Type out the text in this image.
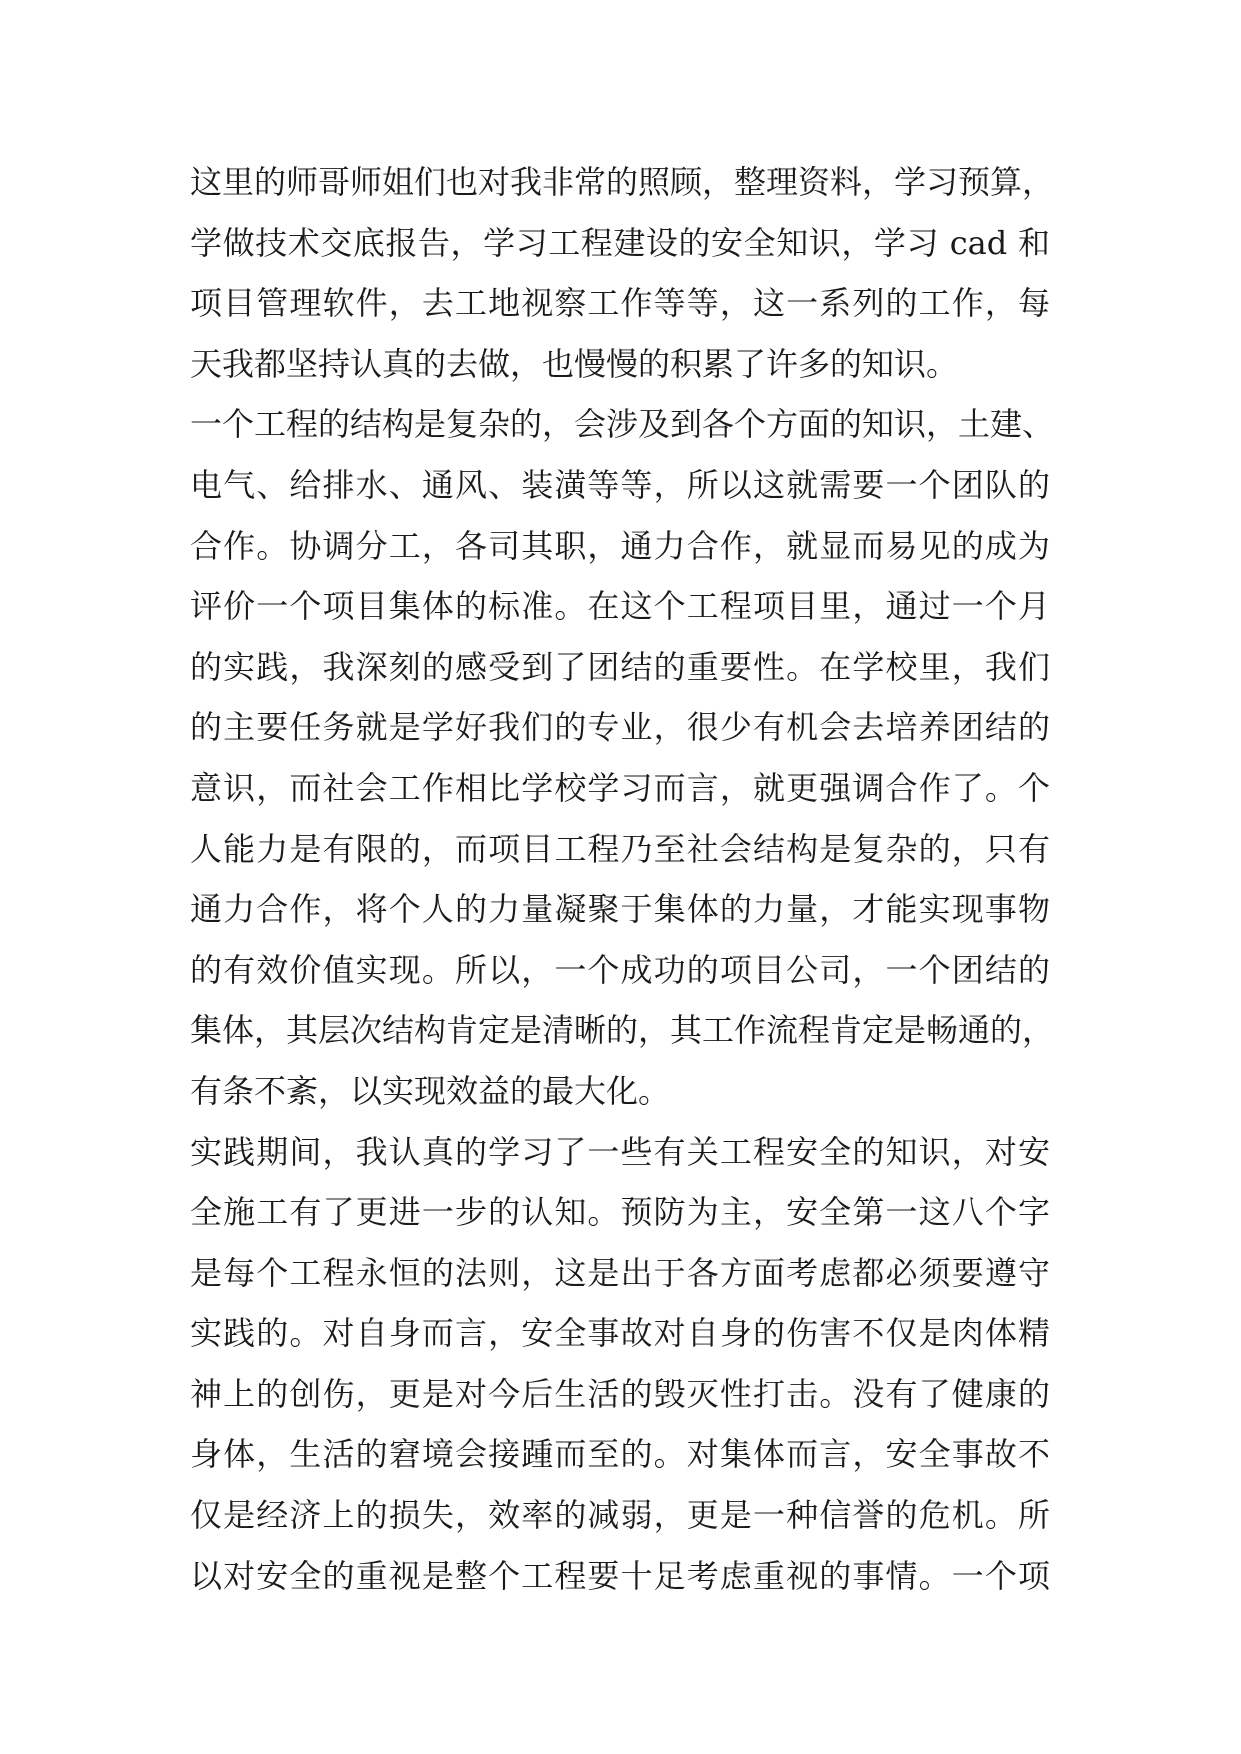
这里的师哥师姐们也对我非常的照顾，整理资料，学习预算，
学做技术交底报告，学习工程建设的安全知识，学习 cad 和
项目管理软件，去工地视察工作等等，这一系列的工作，每
天我都坚持认真的去做，也慢慢的积累了许多的知识。
一个工程的结构是复杂的，会涉及到各个方面的知识，土建、
电气、给排水、通风、装潢等等，所以这就需要一个团队的
合作。协调分工，各司其职，通力合作，就显而易见的成为
评价一个项目集体的标准。在这个工程项目里，通过一个月
的实践，我深刻的感受到了团结的重要性。在学校里，我们
的主要任务就是学好我们的专业，很少有机会去培养团结的
意识，而社会工作相比学校学习而言，就更强调合作了。个
人能力是有限的，而项目工程乃至社会结构是复杂的，只有
通力合作，将个人的力量凝聚于集体的力量，才能实现事物
的有效价值实现。所以，一个成功的项目公司，一个团结的
集体，其层次结构肯定是清晰的，其工作流程肯定是畅通的，
有条不紊，以实现效益的最大化。
实践期间，我认真的学习了一些有关工程安全的知识，对安
全施工有了更进一步的认知。预防为主，安全第一这八个字
是每个工程永恒的法则，这是出于各方面考虑都必须要遵守
实践的。对自身而言，安全事故对自身的伤害不仅是肉体精
神上的创伤，更是对今后生活的毁灭性打击。没有了健康的
身体，生活的窘境会接踵而至的。对集体而言，安全事故不
仅是经济上的损失，效率的减弱，更是一种信誉的危机。所
以对安全的重视是整个工程要十足考虑重视的事情。一个项
